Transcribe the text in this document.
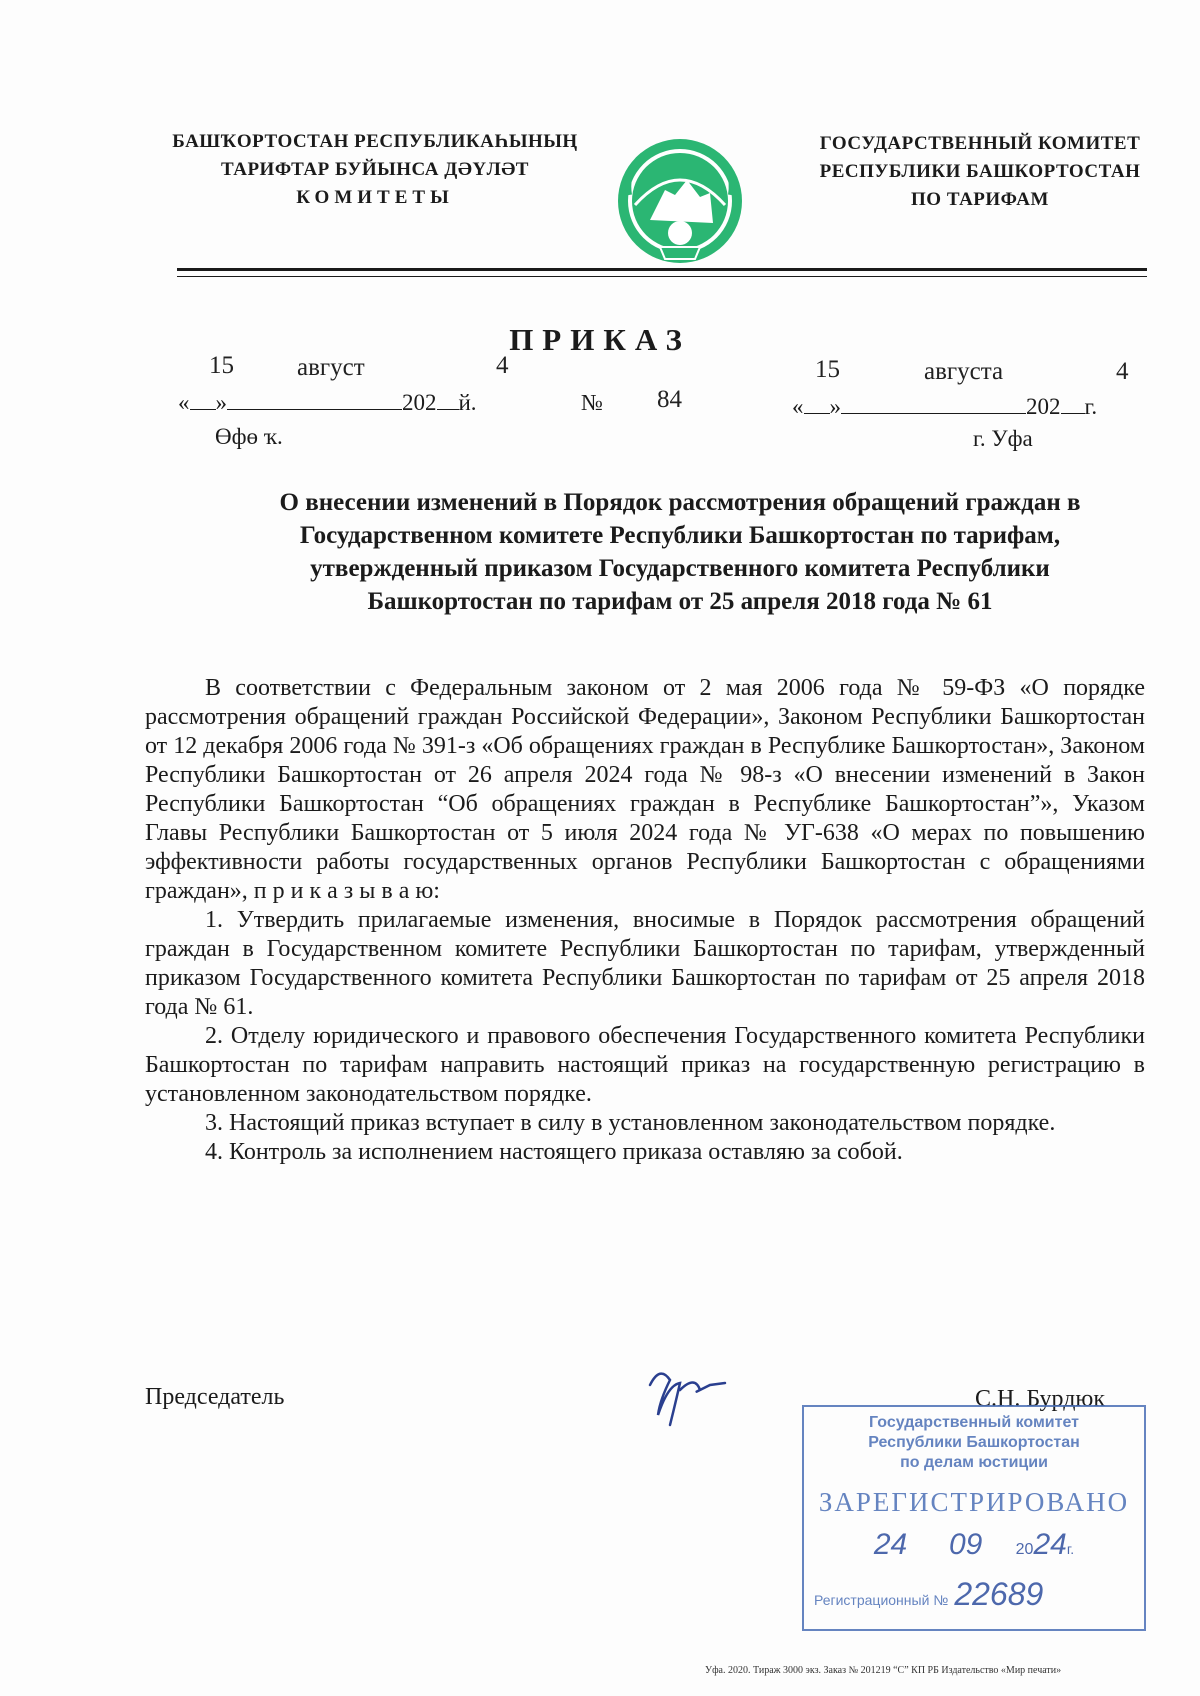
БАШҠОРТОСТАН РЕСПУБЛИКАҺЫНЫҢ
ТАРИФТАР БУЙЫНСА ДӘҮЛӘТ
КОМИТЕТЫ
ГОСУДАРСТВЕННЫЙ КОМИТЕТ
РЕСПУБЛИКИ БАШКОРТОСТАН
ПО ТАРИФАМ
ПРИКАЗ
15	август	4
« »	202 й.
Өфө ҡ.
№ 84
15	августа	4
« »	202 г.
г. Уфа
О внесении изменений в Порядок рассмотрения обращений граждан в
Государственном комитете Республики Башкортостан по тарифам,
утвержденный приказом Государственного комитета Республики
Башкортостан по тарифам от 25 апреля 2018 года № 61

В соответствии с Федеральным законом от 2 мая 2006 года № 59-ФЗ «О порядке рассмотрения обращений граждан Российской Федерации», Законом Республики Башкортостан от 12 декабря 2006 года № 391-з «Об обращениях граждан в Республике Башкортостан», Законом Республики Башкортостан от 26 апреля 2024 года № 98-з «О внесении изменений в Закон Республики Башкортостан “Об обращениях граждан в Республике Башкортостан”», Указом Главы Республики Башкортостан от 5 июля 2024 года № УГ-638 «О мерах по повышению эффективности работы государственных органов Республики Башкортостан с обращениями граждан», п р и к а з ы в а ю:

1. Утвердить прилагаемые изменения, вносимые в Порядок рассмотрения обращений граждан в Государственном комитете Республики Башкортостан по тарифам, утвержденный приказом Государственного комитета Республики Башкортостан по тарифам от 25 апреля 2018 года № 61.

2. Отделу юридического и правового обеспечения Государственного комитета Республики Башкортостан по тарифам направить настоящий приказ на государственную регистрацию в установленном законодательством порядке.

3. Настоящий приказ вступает в силу в установленном законодательством порядке.

4. Контроль за исполнением настоящего приказа оставляю за собой.

Председатель	С.Н. Бурдюк
Государственный комитет
Республики Башкортостан
по делам юстиции
ЗАРЕГИСТРИРОВАНО
24 09 2024г.
Регистрационный № 22689
Уфа. 2020. Тираж 3000 экз. Заказ № 201219 “С” КП РБ Издательство «Мир печати»
